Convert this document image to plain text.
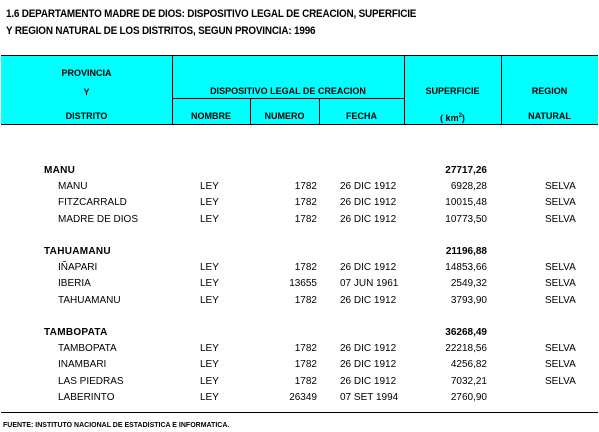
1.6 DEPARTAMENTO MADRE DE DIOS: DISPOSITIVO LEGAL DE CREACION, SUPERFICIE
Y REGION NATURAL DE LOS DISTRITOS, SEGUN PROVINCIA: 1996
PROVINCIA
Y
DISTRITO
DISPOSITIVO LEGAL DE CREACION
NOMBRE	NUMERO	FECHA
SUPERFICIE
( $km^2$)
REGION
NATURAL
MANU	27717,26
MANU	LEY	1782 26 DIC 1912	6928,28	SELVA
FITZCARRALD	LEY	1782 26 DIC 1912	10015,48	SELVA
MADRE DE DIOS	LEY	1782 26 DIC 1912	10773,50	SELVA
TAHUAMANU	21196,88
IÑAPARI	LEY	1782 26 DIC 1912	14853,66	SELVA
IBERIA	LEY	13655 07 JUN 1961	2549,32	SELVA
TAHUAMANU	LEY	1782 26 DIC 1912	3793,90	SELVA
TAMBOPATA	36268,49
TAMBOPATA	LEY	1782 26 DIC 1912	22218,56	SELVA
INAMBARI	LEY	1782 26 DIC 1912	4256,82	SELVA
LAS PIEDRAS	LEY	1782 26 DIC 1912	7032,21	SELVA
LABERINTO	LEY	26349 07 SET 1994	2760,90
FUENTE: INSTITUTO NACIONAL DE ESTADISTICA E INFORMATICA.
